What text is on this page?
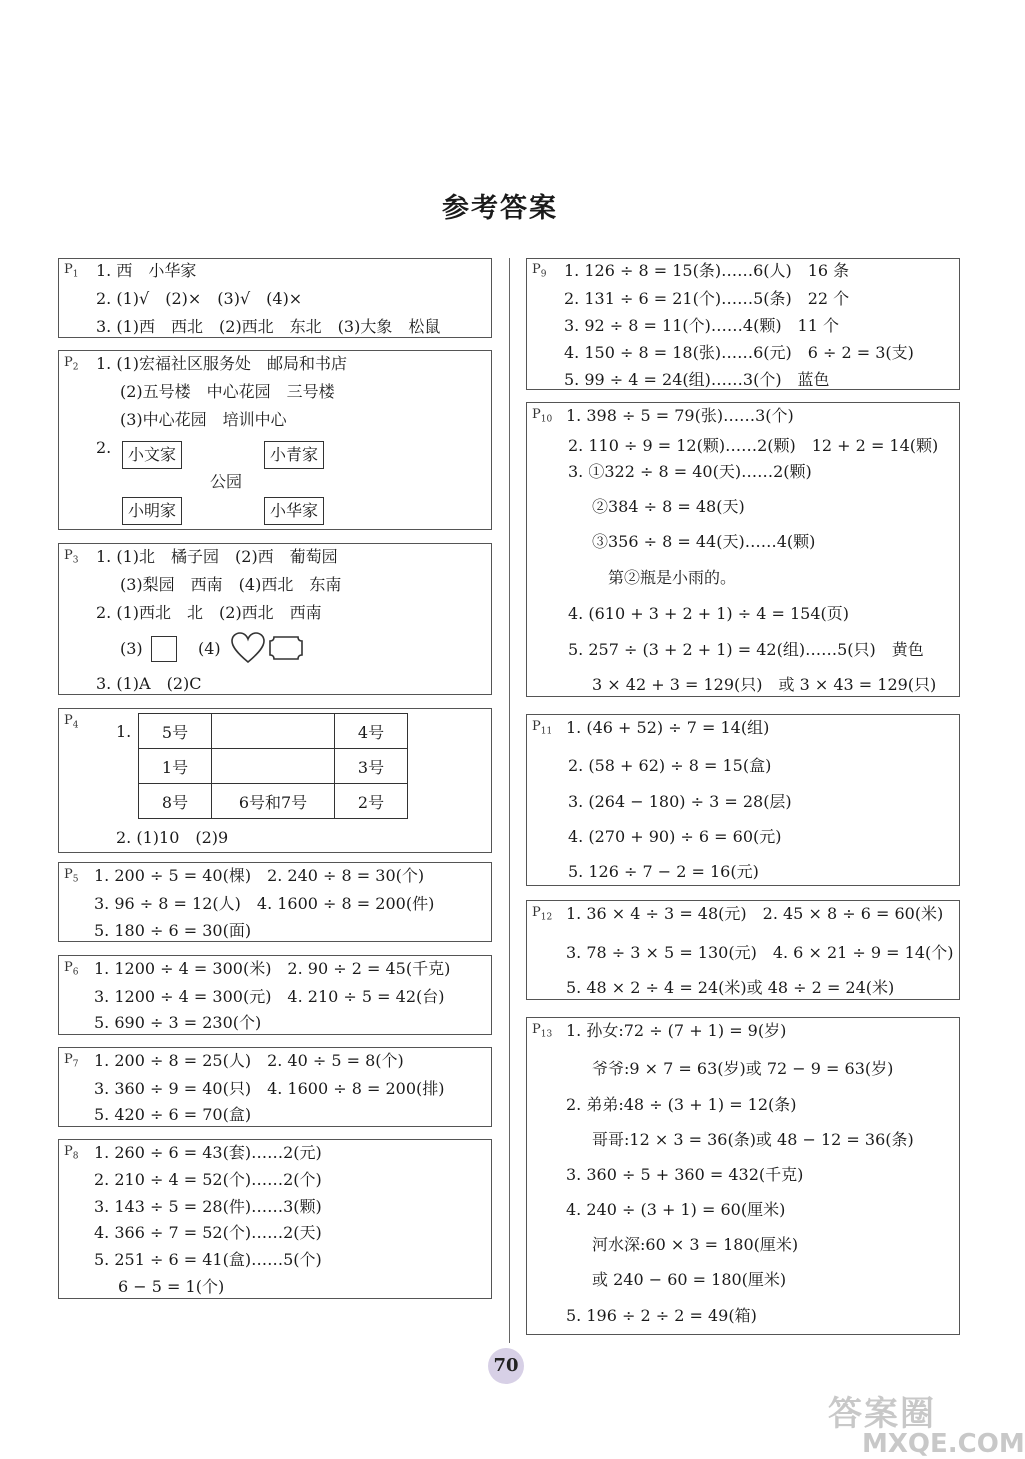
参考答案
$P_1$ 1. 西　小华家
2. (1)√　(2)×　(3)√　(4)×
3. (1)西　西北　(2)西北　东北　(3)大象　松鼠
$P_2$ 1. (1)宏福社区服务处　邮局和书店
(2)五号楼　中心花园　三号楼
(3)中心花园　培训中心
2.	小文家	小青家
公园
小明家	小华家
$P_3$ 1. (1)北　橘子园　(2)西　葡萄园
(3)梨园　西南　(4)西北　东南
2. (1)西北　北　(2)西北　西南
(3)	(4)
3. (1)A　(2)C
$P_4$ 1. 5号		4号
1号		3号
8号	6号和7号	2号
2. (1)10　(2)9
$P_5$ 1. 200 ÷ 5 = 40(棵)　2. 240 ÷ 8 = 30(个)
3. 96 ÷ 8 = 12(人)　4. 1600 ÷ 8 = 200(件)
5. 180 ÷ 6 = 30(面)
$P_6$ 1. 1200 ÷ 4 = 300(米)　2. 90 ÷ 2 = 45(千克)
3. 1200 ÷ 4 = 300(元)　4. 210 ÷ 5 = 42(台)
5. 690 ÷ 3 = 230(个)
$P_7$ 1. 200 ÷ 8 = 25(人)　2. 40 ÷ 5 = 8(个)
3. 360 ÷ 9 = 40(只)　4. 1600 ÷ 8 = 200(排)
5. 420 ÷ 6 = 70(盒)
$P_8$ 1. 260 ÷ 6 = 43(套)……2(元)
2. 210 ÷ 4 = 52(个)……2(个)
3. 143 ÷ 5 = 28(件)……3(颗)
4. 366 ÷ 7 = 52(个)……2(天)
5. 251 ÷ 6 = 41(盒)……5(个)
6 − 5 = 1(个)
$P_9$ 1. 126 ÷ 8 = 15(条)……6(人)　16 条
2. 131 ÷ 6 = 21(个)……5(条)　22 个
3. 92 ÷ 8 = 11(个)……4(颗)　11 个
4. 150 ÷ 8 = 18(张)……6(元)　6 ÷ 2 = 3(支)
5. 99 ÷ 4 = 24(组)……3(个)　蓝色
$P_{10}$ 1. 398 ÷ 5 = 79(张)……3(个)
2. 110 ÷ 9 = 12(颗)……2(颗)　12 + 2 = 14(颗)
3. ①322 ÷ 8 = 40(天)……2(颗)
②384 ÷ 8 = 48(天)
③356 ÷ 8 = 44(天)……4(颗)
第②瓶是小雨的。
4. (610 + 3 + 2 + 1) ÷ 4 = 154(页)
5. 257 ÷ (3 + 2 + 1) = 42(组)……5(只)　黄色
3 × 42 + 3 = 129(只)　或 3 × 43 = 129(只)
$P_{11}$ 1. (46 + 52) ÷ 7 = 14(组)
2. (58 + 62) ÷ 8 = 15(盒)
3. (264 − 180) ÷ 3 = 28(层)
4. (270 + 90) ÷ 6 = 60(元)
5. 126 ÷ 7 − 2 = 16(元)
$P_{12}$ 1. 36 × 4 ÷ 3 = 48(元)　2. 45 × 8 ÷ 6 = 60(米)
3. 78 ÷ 3 × 5 = 130(元)　4. 6 × 21 ÷ 9 = 14(个)
5. 48 × 2 ÷ 4 = 24(米)或 48 ÷ 2 = 24(米)
$P_{13}$ 1. 孙女:72 ÷ (7 + 1) = 9(岁)
爷爷:9 × 7 = 63(岁)或 72 − 9 = 63(岁)
2. 弟弟:48 ÷ (3 + 1) = 12(条)
哥哥:12 × 3 = 36(条)或 48 − 12 = 36(条)
3. 360 ÷ 5 + 360 = 432(千克)
4. 240 ÷ (3 + 1) = 60(厘米)
河水深:60 × 3 = 180(厘米)
或 240 − 60 = 180(厘米)
5. 196 ÷ 2 ÷ 2 = 49(箱)
70
答案圈
MXQE.COM
